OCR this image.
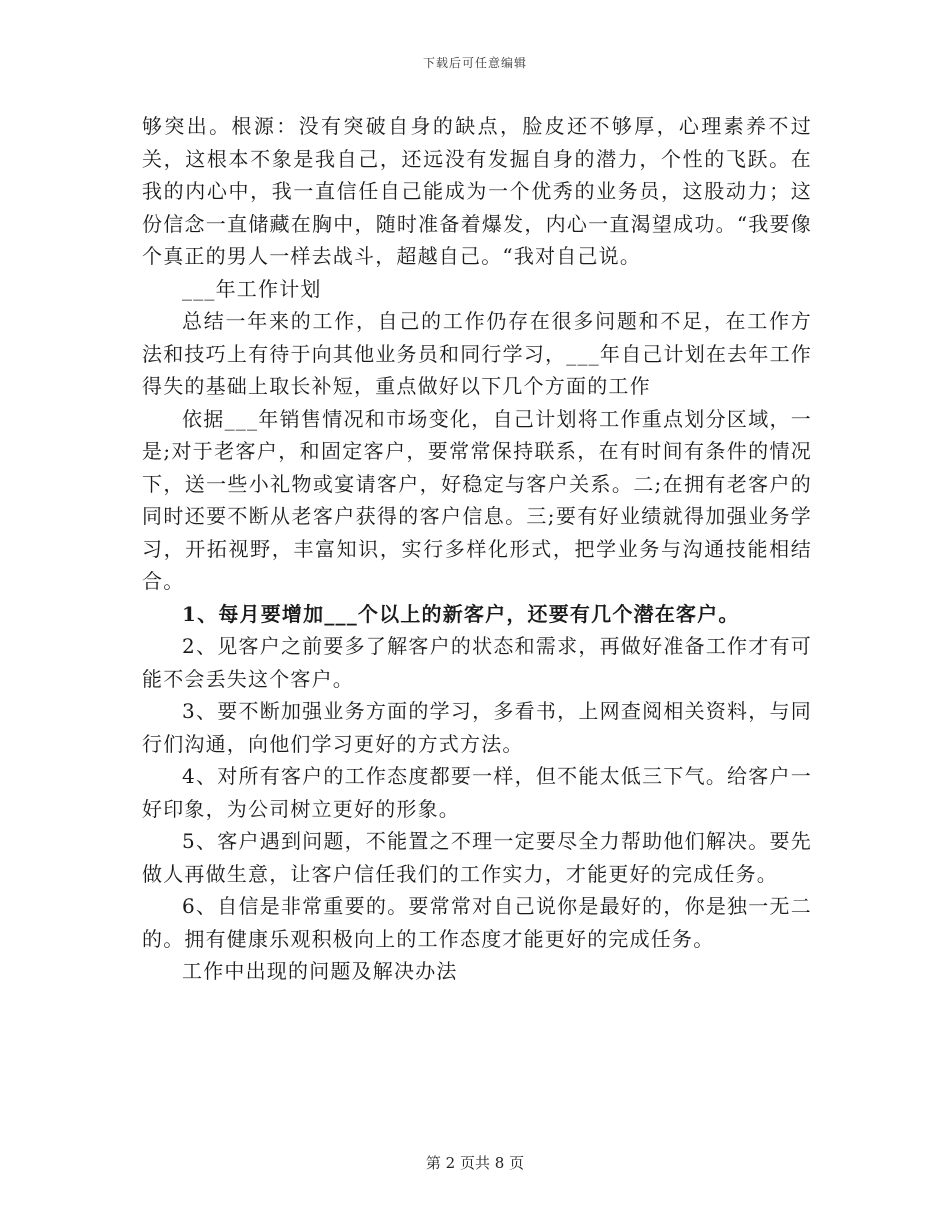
下载后可任意编辑

够突出。根源：没有突破自身的缺点，脸皮还不够厚，心理素养不过关，这根本不象是我自己，还远没有发掘自身的潜力，个性的飞跃。在我的内心中，我一直信任自己能成为一个优秀的业务员，这股动力；这份信念一直储藏在胸中，随时准备着爆发，内心一直渴望成功。“我要像个真正的男人一样去战斗，超越自己。“我对自己说。

___年工作计划

总结一年来的工作，自己的工作仍存在很多问题和不足，在工作方法和技巧上有待于向其他业务员和同行学习，___年自己计划在去年工作得失的基础上取长补短，重点做好以下几个方面的工作

依据___年销售情况和市场变化，自己计划将工作重点划分区域，一是;对于老客户，和固定客户，要常常保持联系，在有时间有条件的情况下，送一些小礼物或宴请客户，好稳定与客户关系。二;在拥有老客户的同时还要不断从老客户获得的客户信息。三;要有好业绩就得加强业务学习，开拓视野，丰富知识，实行多样化形式，把学业务与沟通技能相结合。

1、每月要增加___个以上的新客户，还要有几个潜在客户。

2、见客户之前要多了解客户的状态和需求，再做好准备工作才有可能不会丢失这个客户。

3、要不断加强业务方面的学习，多看书，上网查阅相关资料，与同行们沟通，向他们学习更好的方式方法。

4、对所有客户的工作态度都要一样，但不能太低三下气。给客户一好印象，为公司树立更好的形象。

5、客户遇到问题，不能置之不理一定要尽全力帮助他们解决。要先做人再做生意，让客户信任我们的工作实力，才能更好的完成任务。

6、自信是非常重要的。要常常对自己说你是最好的，你是独一无二的。拥有健康乐观积极向上的工作态度才能更好的完成任务。

工作中出现的问题及解决办法

第 2 页共 8 页
